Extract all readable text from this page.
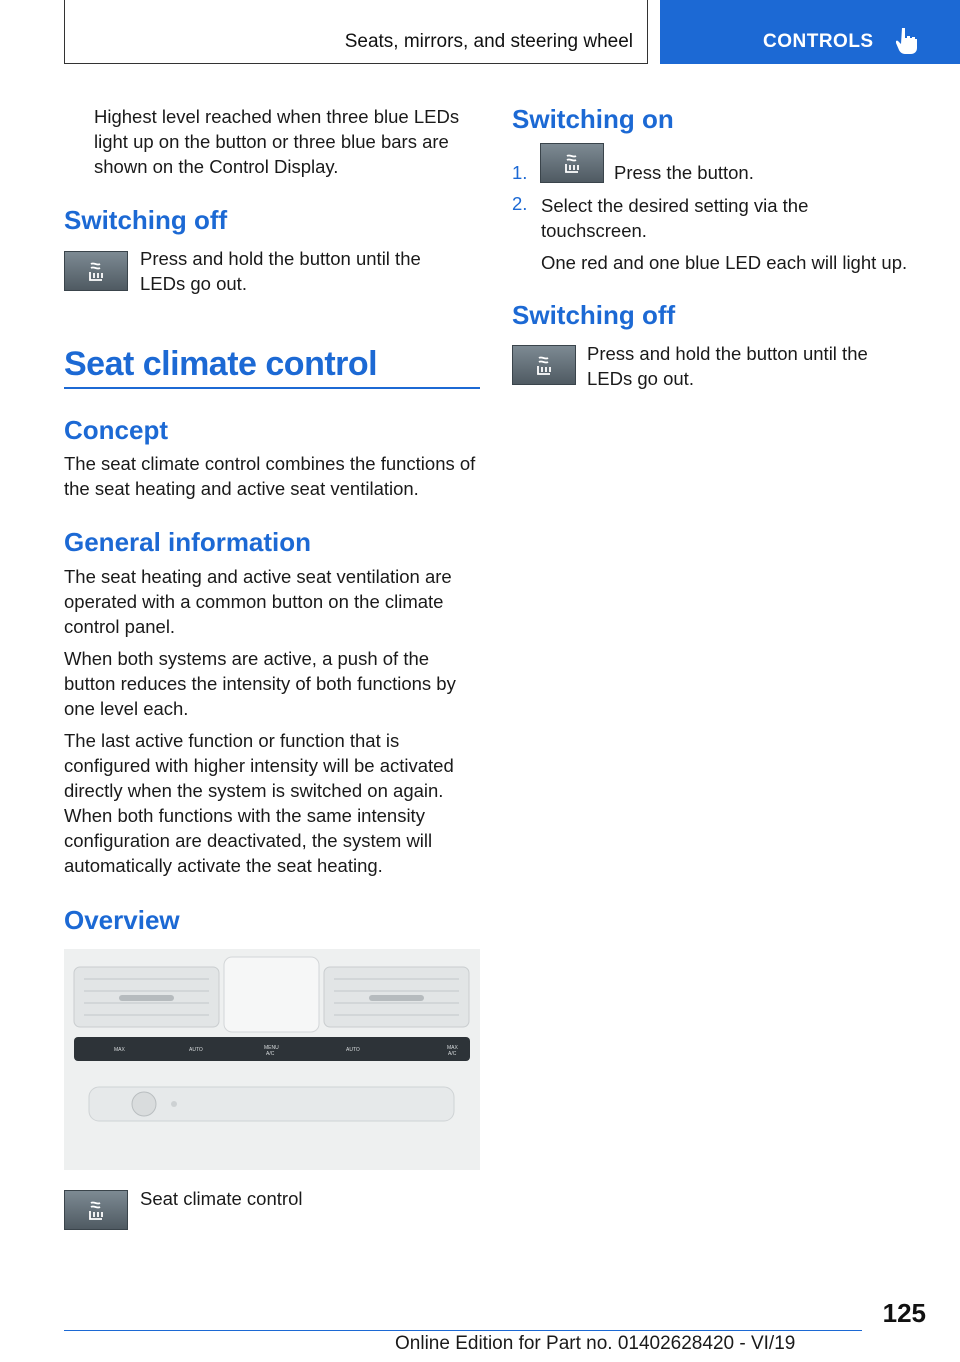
Seats, mirrors, and steering wheel	CONTROLS
Highest level reached when three blue LEDs light up on the button or three blue bars are shown on the Control Display.
Switching off
Press and hold the button until the LEDs go out.
Seat climate control
Concept
The seat climate control combines the functions of the seat heating and active seat ventilation.
General information
The seat heating and active seat ventilation are operated with a common button on the climate control panel.
When both systems are active, a push of the button reduces the intensity of both functions by one level each.
The last active function or function that is configured with higher intensity will be activated directly when the system is switched on again. When both functions with the same intensity configuration are deactivated, the system will automatically activate the seat heating.
Overview
MAX	AUTO	MENU
A/C
AUTO	MAX
A/C
Seat climate control
Switching on
1.	Press the button.
2. Select the desired setting via the touchscreen.
One red and one blue LED each will light up.
Switching off
Press and hold the button until the LEDs go out.
125
Online Edition for Part no. 01402628420 - VI/19
